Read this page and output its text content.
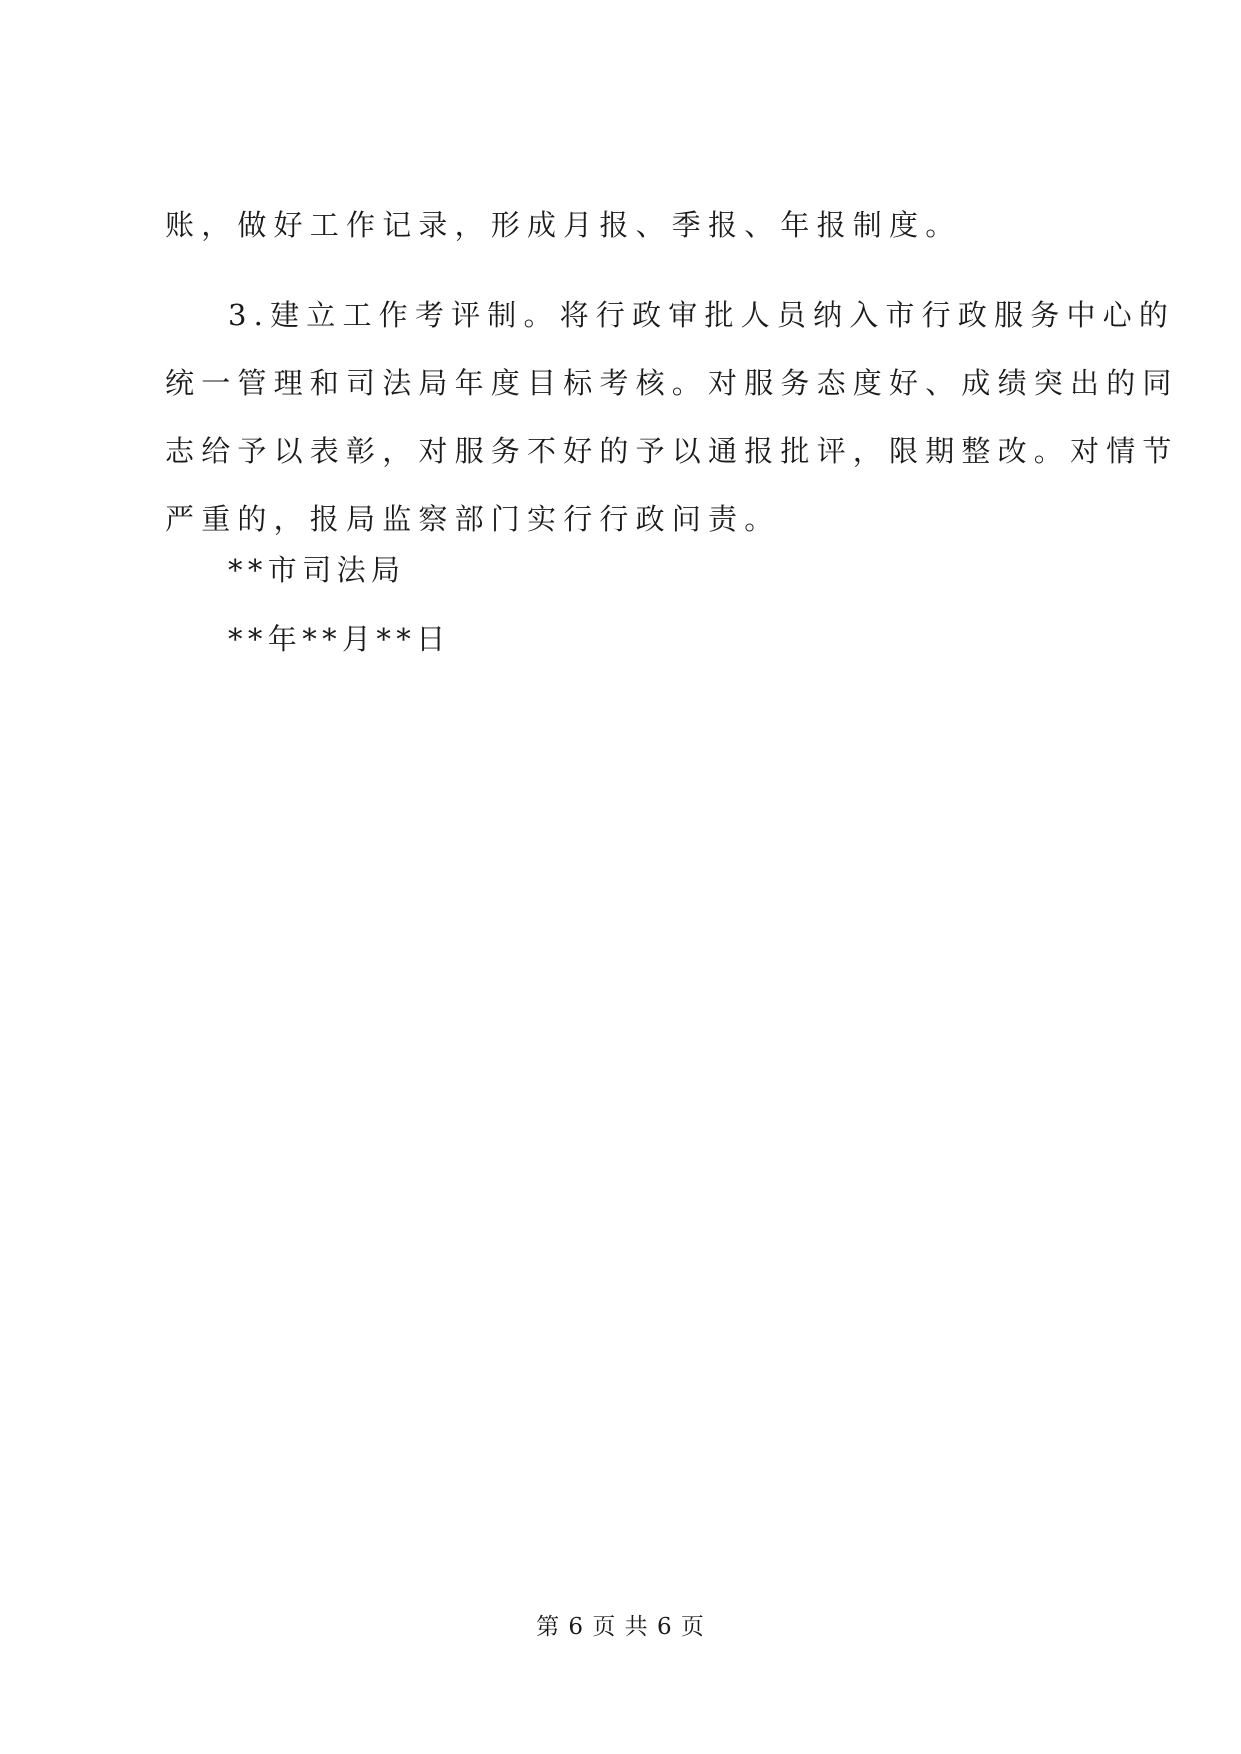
账，做好工作记录，形成月报、季报、年报制度。
3.建立工作考评制。将行政审批人员纳入市行政服务中心的
统一管理和司法局年度目标考核。对服务态度好、成绩突出的同
志给予以表彰，对服务不好的予以通报批评，限期整改。对情节
严重的，报局监察部门实行行政问责。
**市司法局
**年**月**日
第 6 页 共 6 页
